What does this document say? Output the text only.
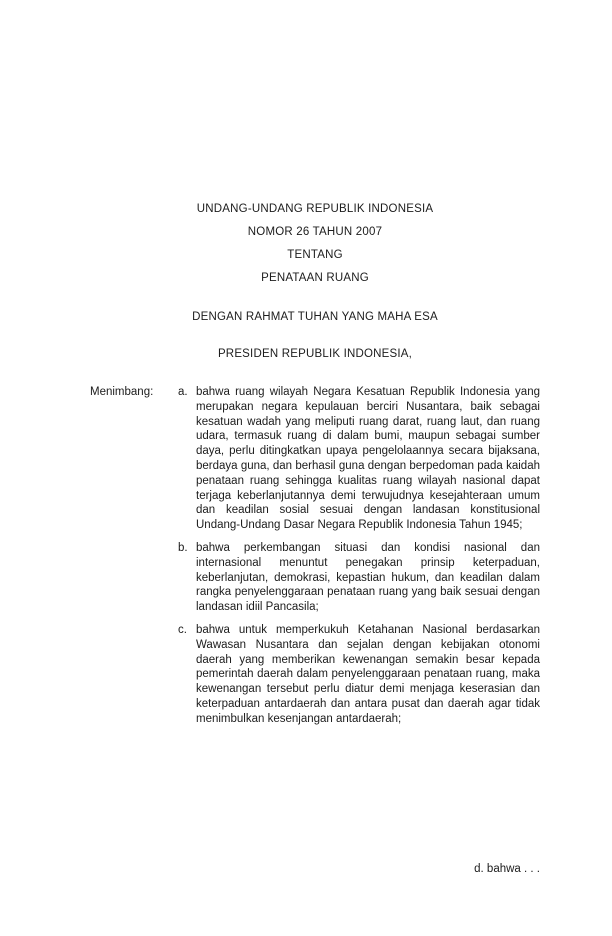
UNDANG-UNDANG REPUBLIK INDONESIA
NOMOR 26 TAHUN 2007
TENTANG
PENATAAN RUANG
DENGAN RAHMAT TUHAN YANG MAHA ESA
PRESIDEN REPUBLIK INDONESIA,
Menimbang:	a. bahwa ruang wilayah Negara Kesatuan Republik Indonesia yang merupakan negara kepulauan berciri Nusantara, baik sebagai kesatuan wadah yang meliputi ruang darat, ruang laut, dan ruang udara, termasuk ruang di dalam bumi, maupun sebagai sumber daya, perlu ditingkatkan upaya pengelolaannya secara bijaksana, berdaya guna, dan berhasil guna dengan berpedoman pada kaidah penataan ruang sehingga kualitas ruang wilayah nasional dapat terjaga keberlanjutannya demi terwujudnya kesejahteraan umum dan keadilan sosial sesuai dengan landasan konstitusional Undang-Undang Dasar Negara Republik Indonesia Tahun 1945;
b. bahwa perkembangan situasi dan kondisi nasional dan internasional menuntut penegakan prinsip keterpaduan, keberlanjutan, demokrasi, kepastian hukum, dan keadilan dalam rangka penyelenggaraan penataan ruang yang baik sesuai dengan landasan idiil Pancasila;
c. bahwa untuk memperkukuh Ketahanan Nasional berdasarkan Wawasan Nusantara dan sejalan dengan kebijakan otonomi daerah yang memberikan kewenangan semakin besar kepada pemerintah daerah dalam penyelenggaraan penataan ruang, maka kewenangan tersebut perlu diatur demi menjaga keserasian dan keterpaduan antardaerah dan antara pusat dan daerah agar tidak menimbulkan kesenjangan antardaerah;
d. bahwa . . .
